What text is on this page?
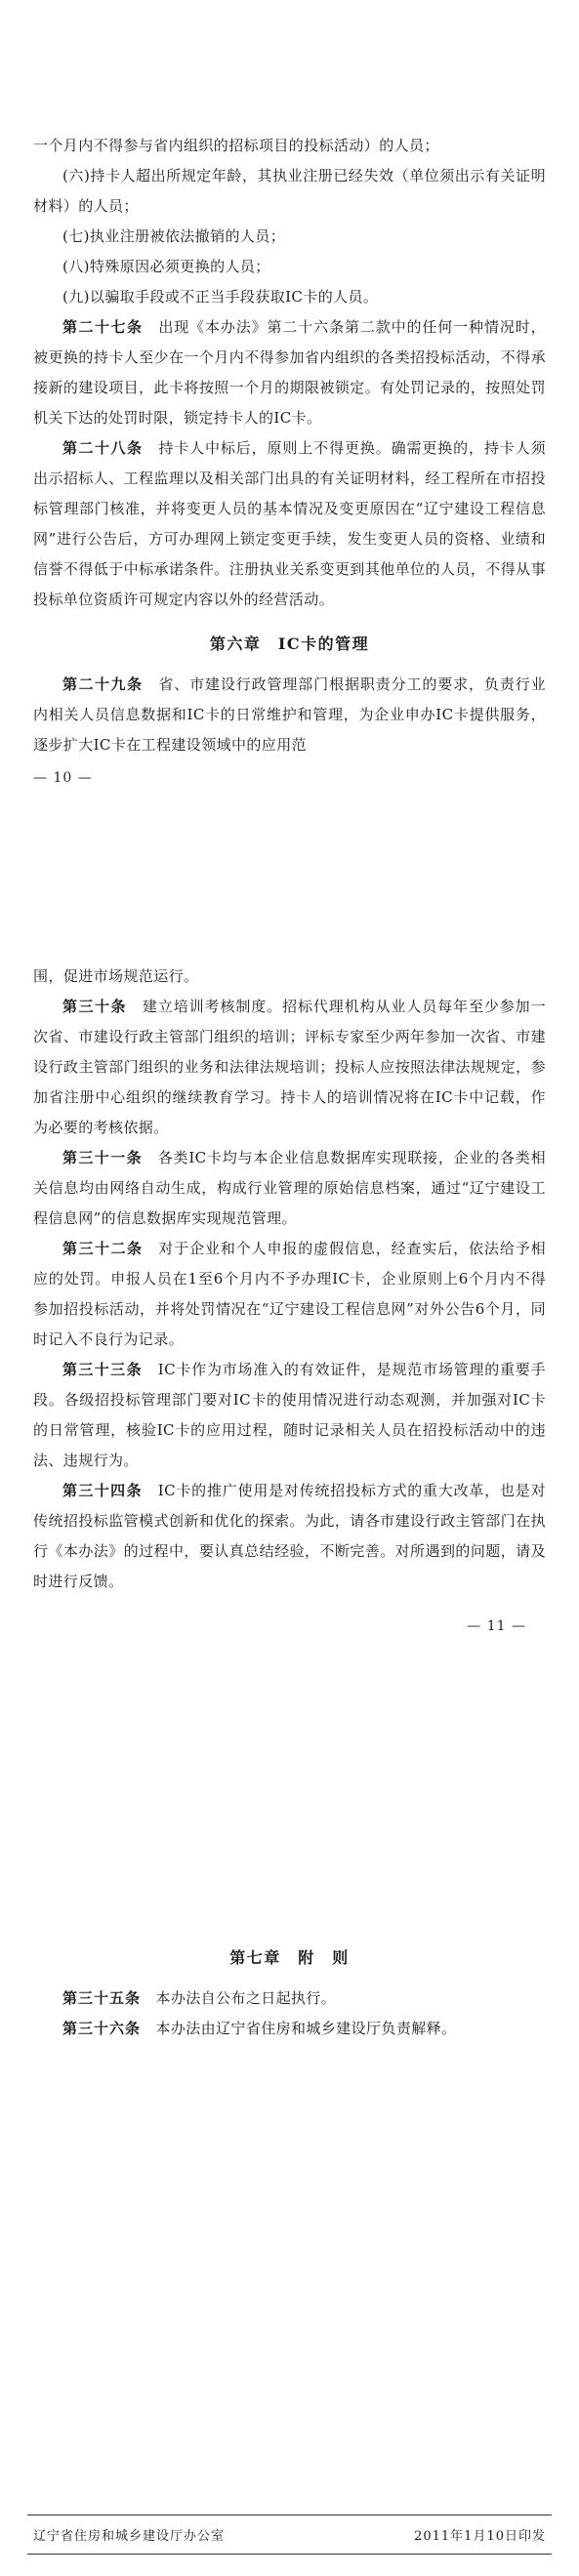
一个月内不得参与省内组织的招标项目的投标活动）的人员；

(六)持卡人超出所规定年龄，其执业注册已经失效（单位须出示有关证明材料）的人员；

(七)执业注册被依法撤销的人员；

(八)特殊原因必须更换的人员；

(九)以骗取手段或不正当手段获取IC卡的人员。

第二十七条　出现《本办法》第二十六条第二款中的任何一种情况时，被更换的持卡人至少在一个月内不得参加省内组织的各类招投标活动，不得承接新的建设项目，此卡将按照一个月的期限被锁定。有处罚记录的，按照处罚机关下达的处罚时限，锁定持卡人的IC卡。

第二十八条　持卡人中标后，原则上不得更换。确需更换的，持卡人须出示招标人、工程监理以及相关部门出具的有关证明材料，经工程所在市招投标管理部门核准，并将变更人员的基本情况及变更原因在“辽宁建设工程信息网”进行公告后，方可办理网上锁定变更手续，发生变更人员的资格、业绩和信誉不得低于中标承诺条件。注册执业关系变更到其他单位的人员，不得从事投标单位资质许可规定内容以外的经营活动。

第六章　IC卡的管理

第二十九条　省、市建设行政管理部门根据职责分工的要求，负责行业内相关人员信息数据和IC卡的日常维护和管理，为企业申办IC卡提供服务，逐步扩大IC卡在工程建设领域中的应用范

— 10 —

围，促进市场规范运行。

第三十条　建立培训考核制度。招标代理机构从业人员每年至少参加一次省、市建设行政主管部门组织的培训；评标专家至少两年参加一次省、市建设行政主管部门组织的业务和法律法规培训；投标人应按照法律法规规定，参加省注册中心组织的继续教育学习。持卡人的培训情况将在IC卡中记载，作为必要的考核依据。

第三十一条　各类IC卡均与本企业信息数据库实现联接，企业的各类相关信息均由网络自动生成，构成行业管理的原始信息档案，通过“辽宁建设工程信息网”的信息数据库实现规范管理。

第三十二条　对于企业和个人申报的虚假信息，经查实后，依法给予相应的处罚。申报人员在1至6个月内不予办理IC卡，企业原则上6个月内不得参加招投标活动，并将处罚情况在“辽宁建设工程信息网”对外公告6个月，同时记入不良行为记录。

第三十三条　IC卡作为市场准入的有效证件，是规范市场管理的重要手段。各级招投标管理部门要对IC卡的使用情况进行动态观测，并加强对IC卡的日常管理，核验IC卡的应用过程，随时记录相关人员在招投标活动中的违法、违规行为。

第三十四条　IC卡的推广使用是对传统招投标方式的重大改革，也是对传统招投标监管模式创新和优化的探索。为此，请各市建设行政主管部门在执行《本办法》的过程中，要认真总结经验，不断完善。对所遇到的问题，请及时进行反馈。

— 11 —
第七章　附　则

第三十五条　本办法自公布之日起执行。

第三十六条　本办法由辽宁省住房和城乡建设厅负责解释。

辽宁省住房和城乡建设厅办公室	2011年1月10日印发
